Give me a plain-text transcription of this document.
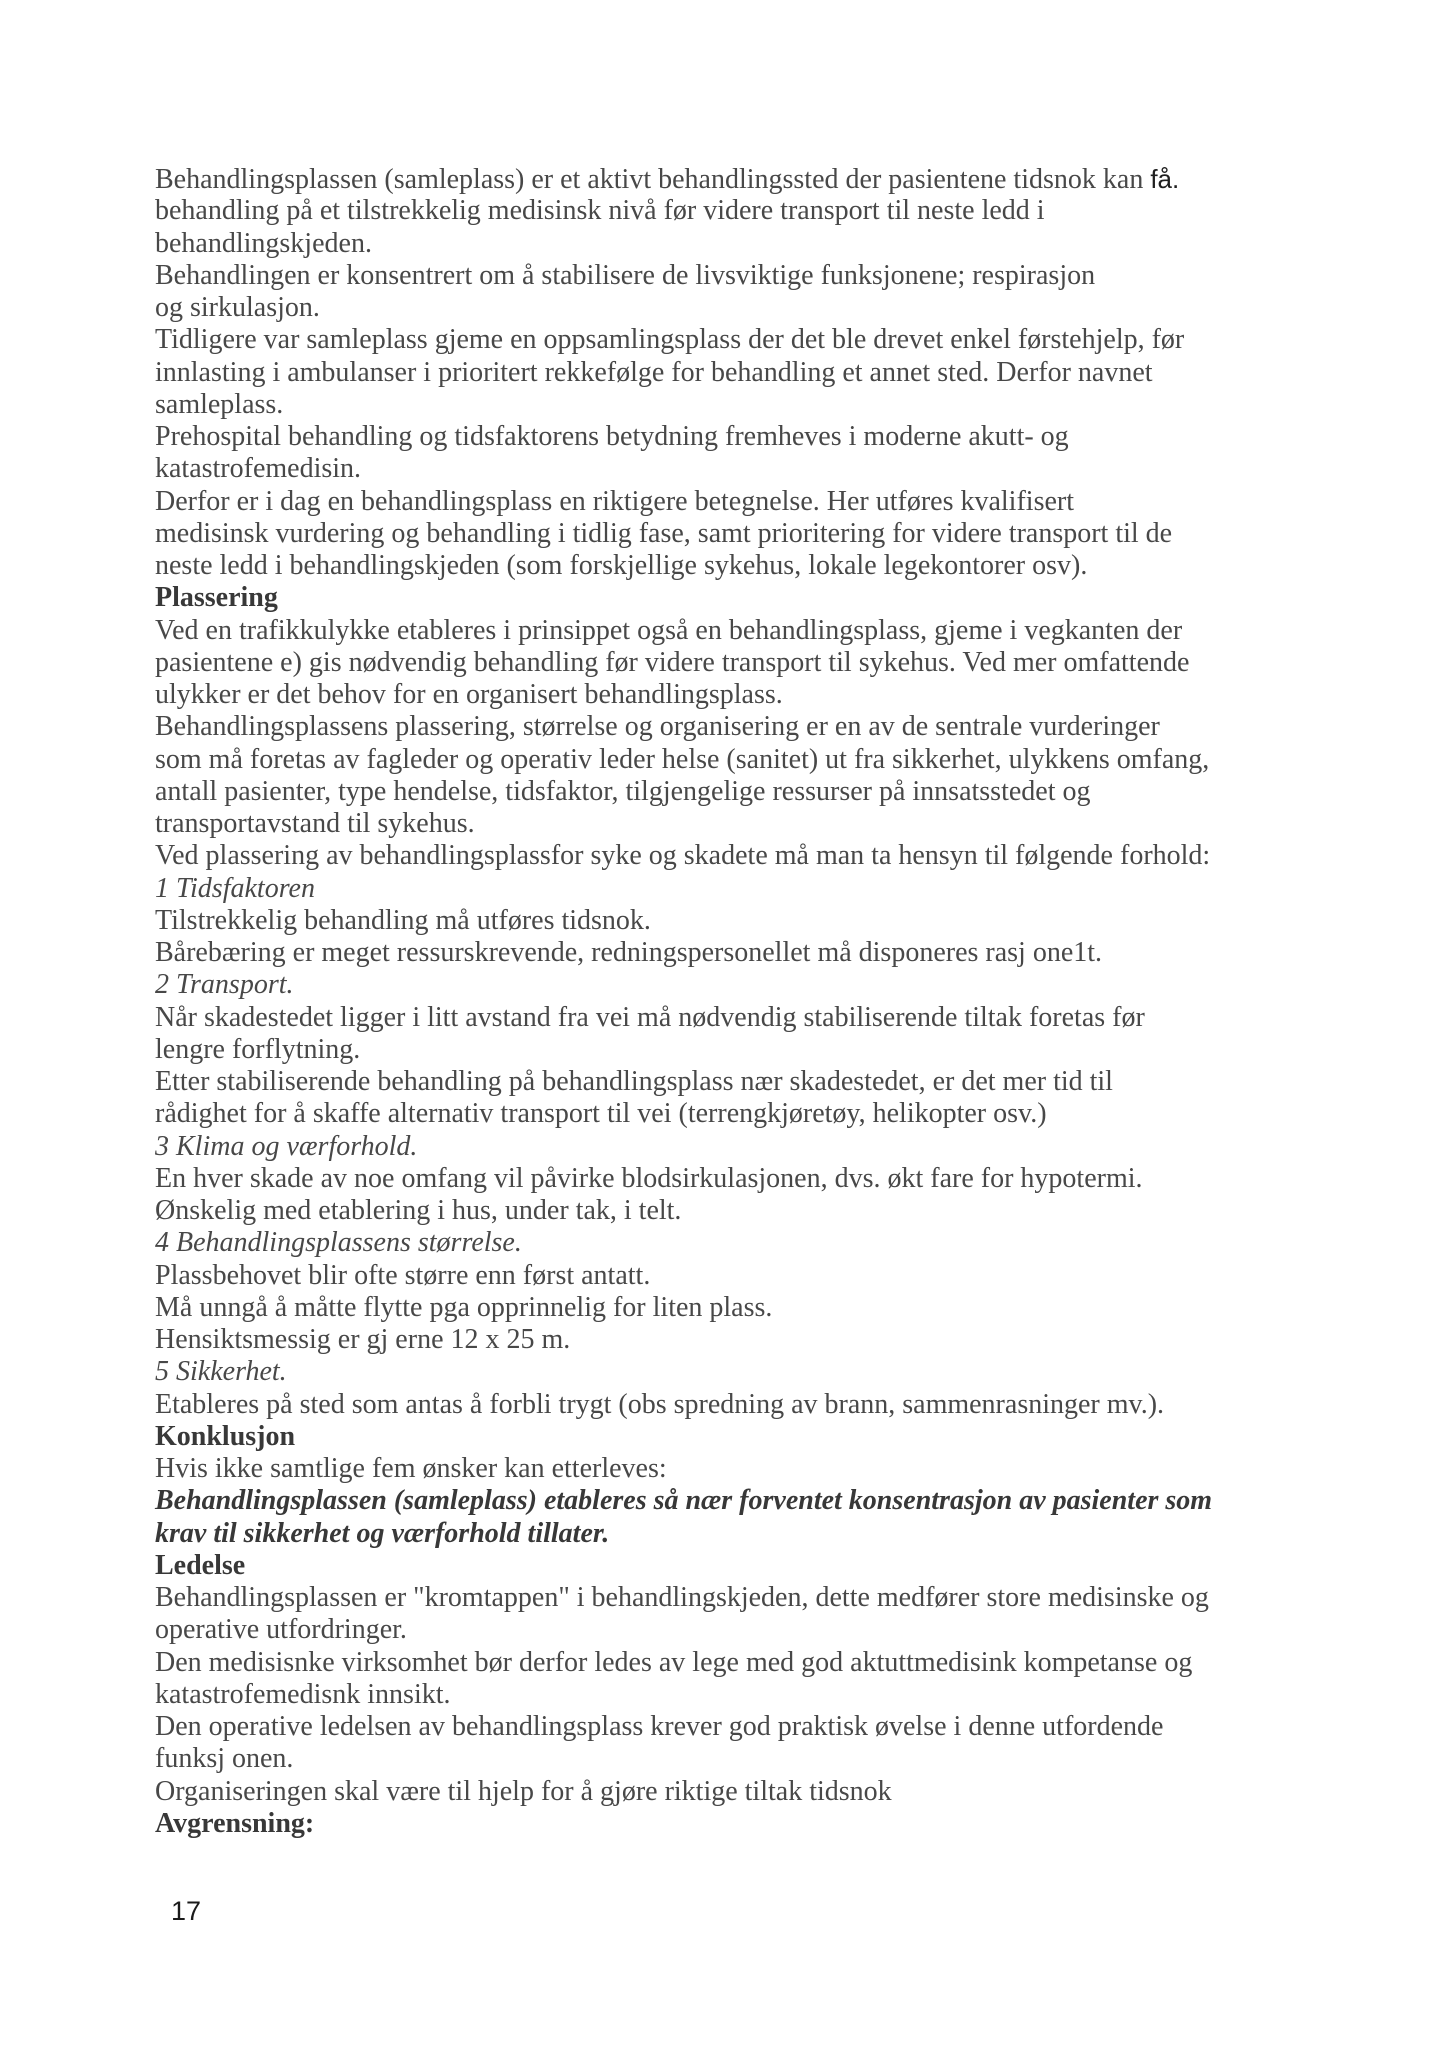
Behandlingsplassen (samleplass) er et aktivt behandlingssted der pasientene tidsnok kan få.
behandling på et tilstrekkelig medisinsk nivå før videre transport til neste ledd i
behandlingskjeden.
Behandlingen er konsentrert om å stabilisere de livsviktige funksjonene; respirasjon
og sirkulasjon.
Tidligere var samleplass gjeme en oppsamlingsplass der det ble drevet enkel førstehjelp, før
innlasting i ambulanser i prioritert rekkefølge for behandling et annet sted. Derfor navnet
samleplass.
Prehospital behandling og tidsfaktorens betydning fremheves i moderne akutt- og
katastrofemedisin.
Derfor er i dag en behandlingsplass en riktigere betegnelse. Her utføres kvalifisert
medisinsk vurdering og behandling i tidlig fase, samt prioritering for videre transport til de
neste ledd i behandlingskjeden (som forskjellige sykehus, lokale legekontorer osv).
Plassering
Ved en trafikkulykke etableres i prinsippet også en behandlingsplass, gjeme i vegkanten der
pasientene e) gis nødvendig behandling før videre transport til sykehus. Ved mer omfattende
ulykker er det behov for en organisert behandlingsplass.
Behandlingsplassens plassering, størrelse og organisering er en av de sentrale vurderinger
som må foretas av fagleder og operativ leder helse (sanitet) ut fra sikkerhet, ulykkens omfang,
antall pasienter, type hendelse, tidsfaktor, tilgjengelige ressurser på innsatsstedet og
transportavstand til sykehus.
Ved plassering av behandlingsplassfor syke og skadete må man ta hensyn til følgende forhold:
1 Tidsfaktoren
Tilstrekkelig behandling må utføres tidsnok.
Bårebæring er meget ressurskrevende, redningspersonellet må disponeres rasj one1t.
2 Transport.
Når skadestedet ligger i litt avstand fra vei må nødvendig stabiliserende tiltak foretas før
lengre forflytning.
Etter stabiliserende behandling på behandlingsplass nær skadestedet, er det mer tid til
rådighet for å skaffe alternativ transport til vei (terrengkjøretøy, helikopter osv.)
3 Klima og værforhold.
En hver skade av noe omfang vil påvirke blodsirkulasjonen, dvs. økt fare for hypotermi.
Ønskelig med etablering i hus, under tak, i telt.
4 Behandlingsplassens størrelse.
Plassbehovet blir ofte større enn først antatt.
Må unngå å måtte flytte pga opprinnelig for liten plass.
Hensiktsmessig er gj erne 12 x 25 m.
5 Sikkerhet.
Etableres på sted som antas å forbli trygt (obs spredning av brann, sammenrasninger mv.).
Konklusjon
Hvis ikke samtlige fem ønsker kan etterleves:
Behandlingsplassen (samleplass) etableres så nær forventet konsentrasjon av pasienter som
krav til sikkerhet og værforhold tillater.
Ledelse
Behandlingsplassen er "kromtappen" i behandlingskjeden, dette medfører store medisinske og
operative utfordringer.
Den medisisnke virksomhet bør derfor ledes av lege med god aktuttmedisink kompetanse og
katastrofemedisnk innsikt.
Den operative ledelsen av behandlingsplass krever god praktisk øvelse i denne utfordende
funksj onen.
Organiseringen skal være til hjelp for å gjøre riktige tiltak tidsnok
Avgrensning:
17
